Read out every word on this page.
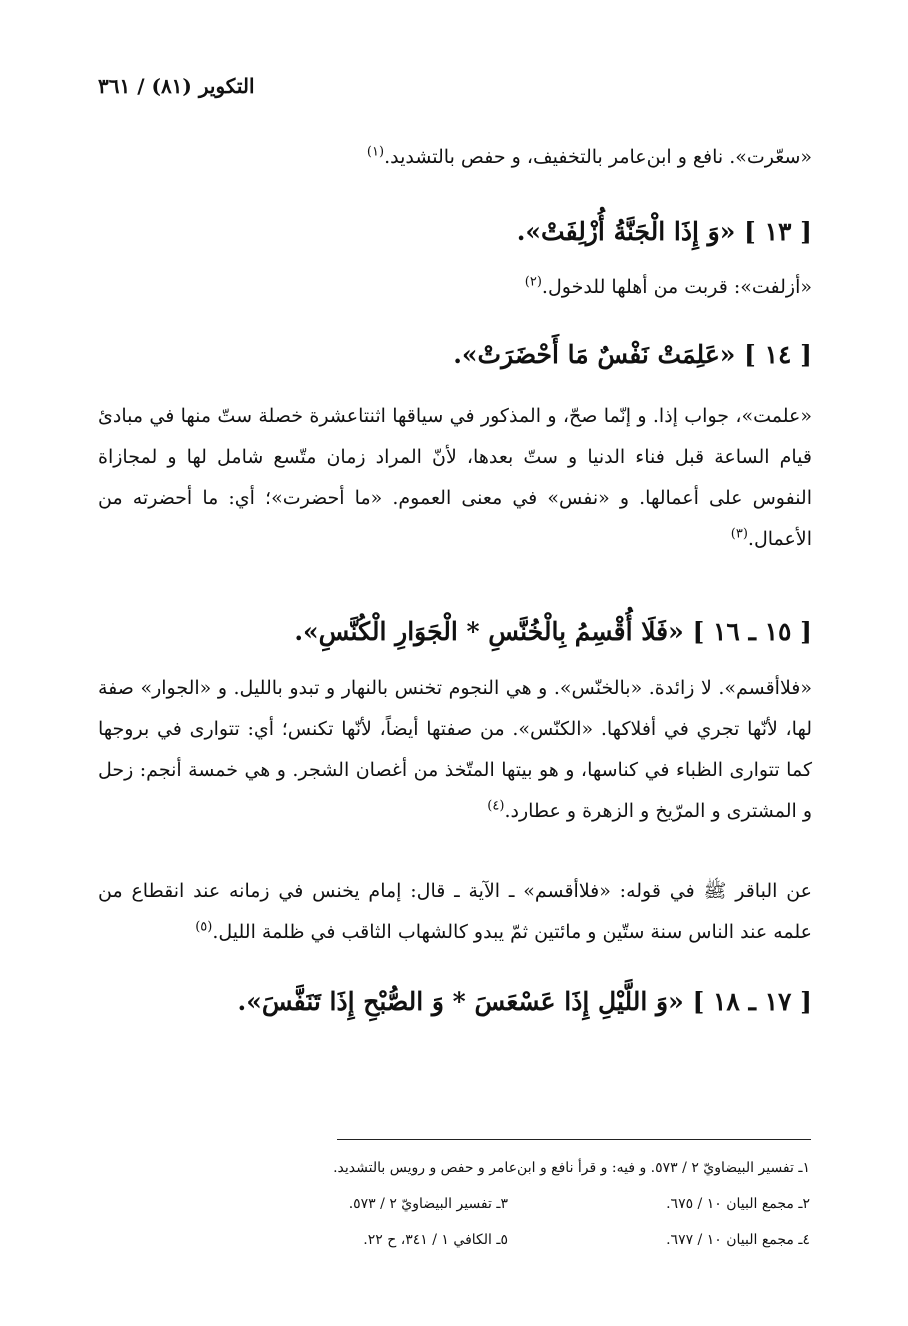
التكوير (٨١) / ٣٦١
«سعّرت». نافع و ابن‌عامر بالتخفيف، و حفص بالتشديد.$^{(١)}$
[ ١٣ ] «وَ إِذَا الْجَنَّةُ أُزْلِفَتْ».
«أزلفت»: قربت من أهلها للدخول.$^{(٢)}$
[ ١٤ ] «عَلِمَتْ نَفْسٌ مَا أَحْضَرَتْ».
«علمت»، جواب إذا. و إنّما صحّ، و المذكور في سياقها اثنتاعشرة خصلة ستّ منها في مبادئ قيام الساعة قبل فناء الدنيا و ستّ بعدها، لأنّ المراد زمان متّسع شامل لها و لمجازاة النفوس على أعمالها. و «نفس» في معنى العموم. «ما أحضرت»؛ أي: ما أحضرته من الأعمال.$^{(٣)}$
[ ١٥ ـ ١٦ ] «فَلَا أُقْسِمُ بِالْخُنَّسِ * الْجَوَارِ الْكُنَّسِ».
«فلاأقسم». لا زائدة. «بالخنّس». و هي النجوم تخنس بالنهار و تبدو بالليل. و «الجوار» صفة لها، لأنّها تجري في أفلاكها. «الكنّس». من صفتها أيضاً، لأنّها تكنس؛ أي: تتوارى في بروجها كما تتوارى الظباء في كناسها، و هو بيتها المتّخذ من أغصان الشجر. و هي خمسة أنجم: زحل و المشترى و المرّيخ و الزهرة و عطارد.$^{(٤)}$
عن الباقر ﷺ في قوله: «فلاأقسم» ـ الآية ـ قال: إمام يخنس في زمانه عند انقطاع من علمه عند الناس سنة ستّين و مائتين ثمّ يبدو كالشهاب الثاقب في ظلمة الليل.$^{(٥)}$
[ ١٧ ـ ١٨ ] «وَ اللَّيْلِ إِذَا عَسْعَسَ * وَ الصُّبْحِ إِذَا تَنَفَّسَ».
١ـ تفسير البيضاويّ ٢ / ٥٧٣. و فيه: و قرأ نافع و ابن‌عامر و حفص و رويس بالتشديد.
٢ـ مجمع البيان ١٠ / ٦٧٥.
٣ـ تفسير البيضاويّ ٢ / ٥٧٣.
٤ـ مجمع البيان ١٠ / ٦٧٧.
٥ـ الكافي ١ / ٣٤١، ح ٢٢.
